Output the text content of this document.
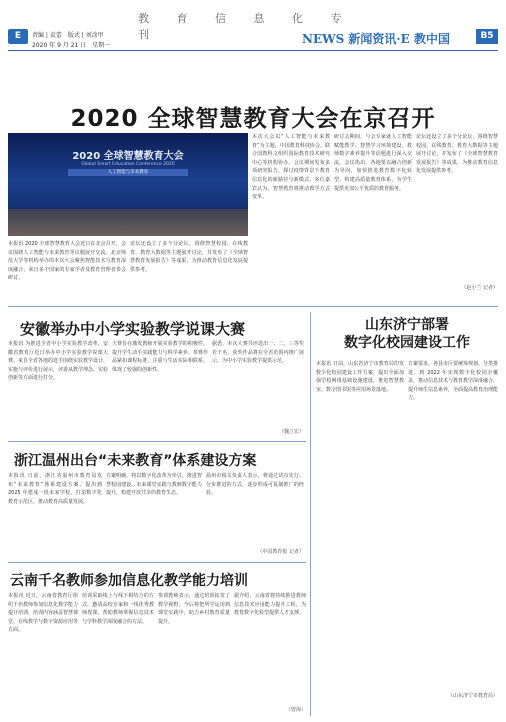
教 育 信 息 化 专 刊
E	责编 | 袁蕾　版式 | 刘涂甲
2020 年 9 月 21 日　星期一	NEWS 新闻资讯·E 教中国	B5
2020 全球智慧教育大会在京召开
2020 全球智慧教育大会
Global Smart Education Conference 2020
人工智能与未来教育
本次大会以“人工智能与未来教育”为主题，中国教育科技协会、联合国教科文组织国际教育技术研究中心等机构协办。会议期间发布多项研究报告，探讨疫情背景下教育信息化的新路径与新模式。多位嘉宾认为，智慧教育将推动教学方式变革。
研讨会期间，与会专家就人工智能赋能教学、智慧学习环境建设、教师数字素养提升等话题进行深入交流。会议指出，各地要以融合创新为导向，加快推进教育数字化转型，构建高质量教育体系，为学生提供更加公平优质的教育服务。
论坛还设立了多个分论坛，围绕智慧校园、在线教育、教育大数据等主题展开讨论，并发布了《全球智慧教育发展报告》等成果，为推动教育信息化发展提供参考。
本报讯 2020 全球智慧教育大会近日在北京召开，会议围绕人工智能与未来教育等议题展开交流。北京师范大学等机构举办的本次大会聚焦智能技术与教育深度融合，来自多个国家的专家学者及教育管理者参会研讨。
论坛还设立了多个分论坛，围绕智慧校园、在线教育、教育大数据等主题展开讨论，并发布了《全球智慧教育发展报告》等成果，为推动教育信息化发展提供参考。
（赵小兰 记者）
安徽举办中小学实验教学说课大赛
本报讯 为推进全省中小学实验教学改革，安徽省教育厅近日举办中小学实验教学说课大赛。来自全省各地的选手围绕实验教学设计、实施与评价进行展示，评委从教学理念、实验创新等方面进行打分。
大赛旨在激发教师开展实验教学的积极性，提升学生动手实践能力与科学素养。参赛作品紧扣课程标准，注重与生活实际相联系，体现了较强的创新性。
据悉，本次大赛共评选出一、二、三等奖若干名，获奖作品将在全省范围内推广展示，为中小学实验教学提供示范。
（魏立宏）
山东济宁部署
数字化校园建设工作
本报讯 日前，山东省济宁市教育局印发数字化校园建设工作方案，提出全面加强学校网络基础设施建设，推进智慧教室、数字图书馆等应用场景落地。
方案要求，各县市区要统筹规划、分类推进，到 2022 年实现数字化校园全覆盖，推动信息技术与教育教学深度融合，提升师生信息素养，全面提高教育治理能力。
（山东济宁市教育局）
浙江温州出台“未来教育”体系建设方案
本报讯 日前，浙江省温州市教育局发布“未来教育”体系建设方案，提出到 2025 年建成一批未来学校，打造数字化教育示范区，推动教育高质量发展。
方案明确，将以数字化改革为牵引，推进智慧校园建设、未来课堂实践与教师数字能力提升，构建开放共享的教育生态。
温州市相关负责人表示，将通过试点先行、分步推进的方式，逐步形成可复制推广的经验。
（中国教育报 记者）
云南千名教师参加信息化教学能力培训
本报讯 近日，云南省教育厅组织千名教师参加信息化教学能力提升培训，培训内容涵盖智慧课堂、在线教学与数字资源应用等方面。
培训采取线上与线下相结合的方式，邀请高校专家和一线优秀教师授课，帮助教师掌握信息技术与学科教学深度融合的方法。
参训教师表示，通过培训拓宽了教学视野，今后将把所学运用到课堂实践中，助力乡村教育质量提升。
据介绍，云南省将持续推进教师信息技术应用能力提升工程，为教育数字化转型提供人才支撑。
（曾海）
